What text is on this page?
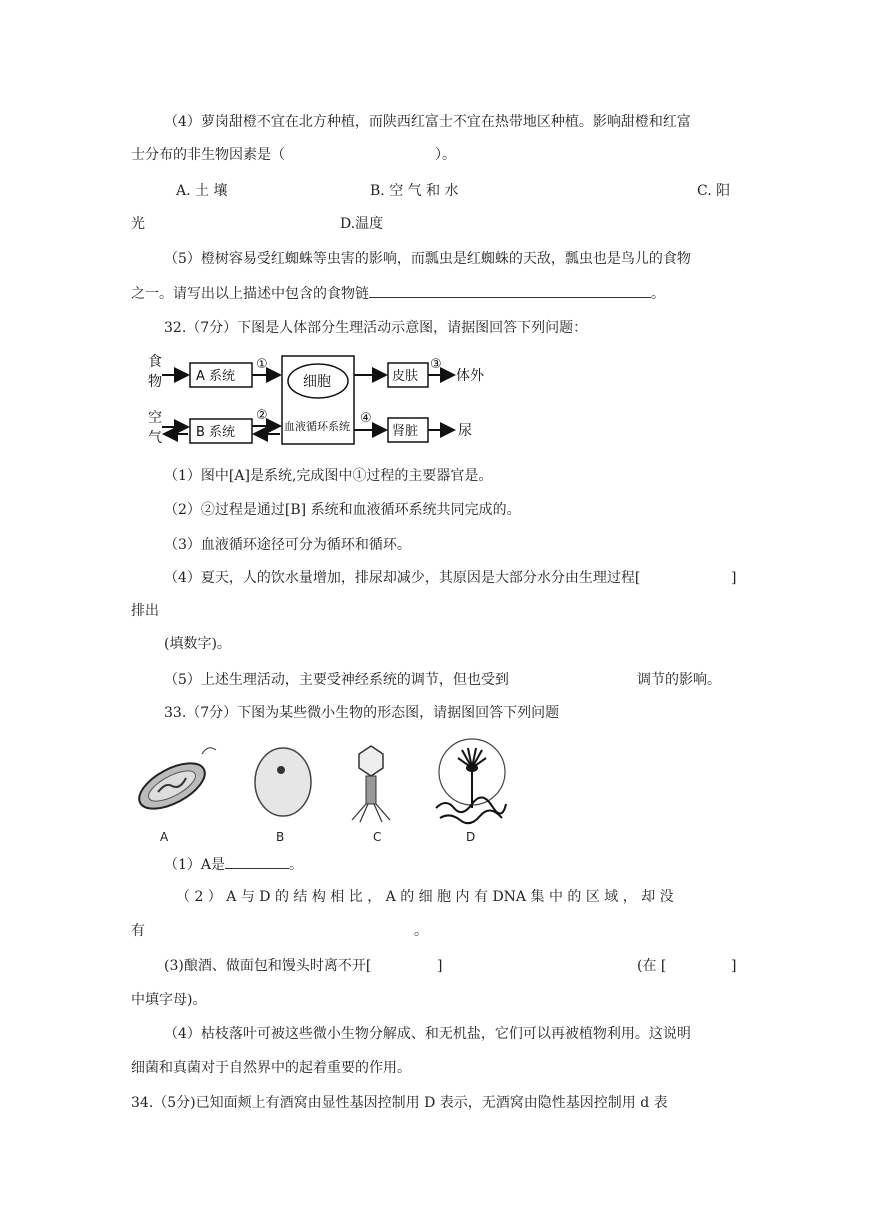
（4）萝岗甜橙不宜在北方种植，而陕西红富士不宜在热带地区种植。影响甜橙和红富
士分布的非生物因素是（	）。
A. 土 壤	B. 空 气 和 水	C. 阳
光	D.温度
（5）橙树容易受红蜘蛛等虫害的影响，而瓢虫是红蜘蛛的天敌，瓢虫也是鸟儿的食物
之一。请写出以上描述中包含的食物链	。
32.（7分）下图是人体部分生理活动示意图，请据图回答下列问题：
食
物
空
气
A 系统
①
B 系统
②
细胞
血液循环系统
皮肤
③
体外
④
肾脏	尿
（1）图中[A]是系统,完成图中①过程的主要器官是。
（2）②过程是通过[B] 系统和血液循环系统共同完成的。
（3）血液循环途径可分为循环和循环。
（4）夏天，人的饮水量增加，排尿却减少，其原因是大部分水分由生理过程[	]
排出
(填数字)。
（5）上述生理活动，主要受神经系统的调节，但也受到	调节的影响。
33.（7分）下图为某些微小生物的形态图，请据图回答下列问题
A	B	C	D
（1）A是	。
（ 2 ） A 与 D 的 结 构 相 比 ， A 的 细 胞 内 有 DNA 集 中 的 区 域 ， 却 没
有	。
(3)酿酒、做面包和馒头时离不开[	]	(在 [	]
中填字母)。
（4）枯枝落叶可被这些微小生物分解成、和无机盐，它们可以再被植物利用。这说明
细菌和真菌对于自然界中的起着重要的作用。
34.（5分)已知面颊上有酒窝由显性基因控制用 D 表示，无酒窝由隐性基因控制用 d 表
